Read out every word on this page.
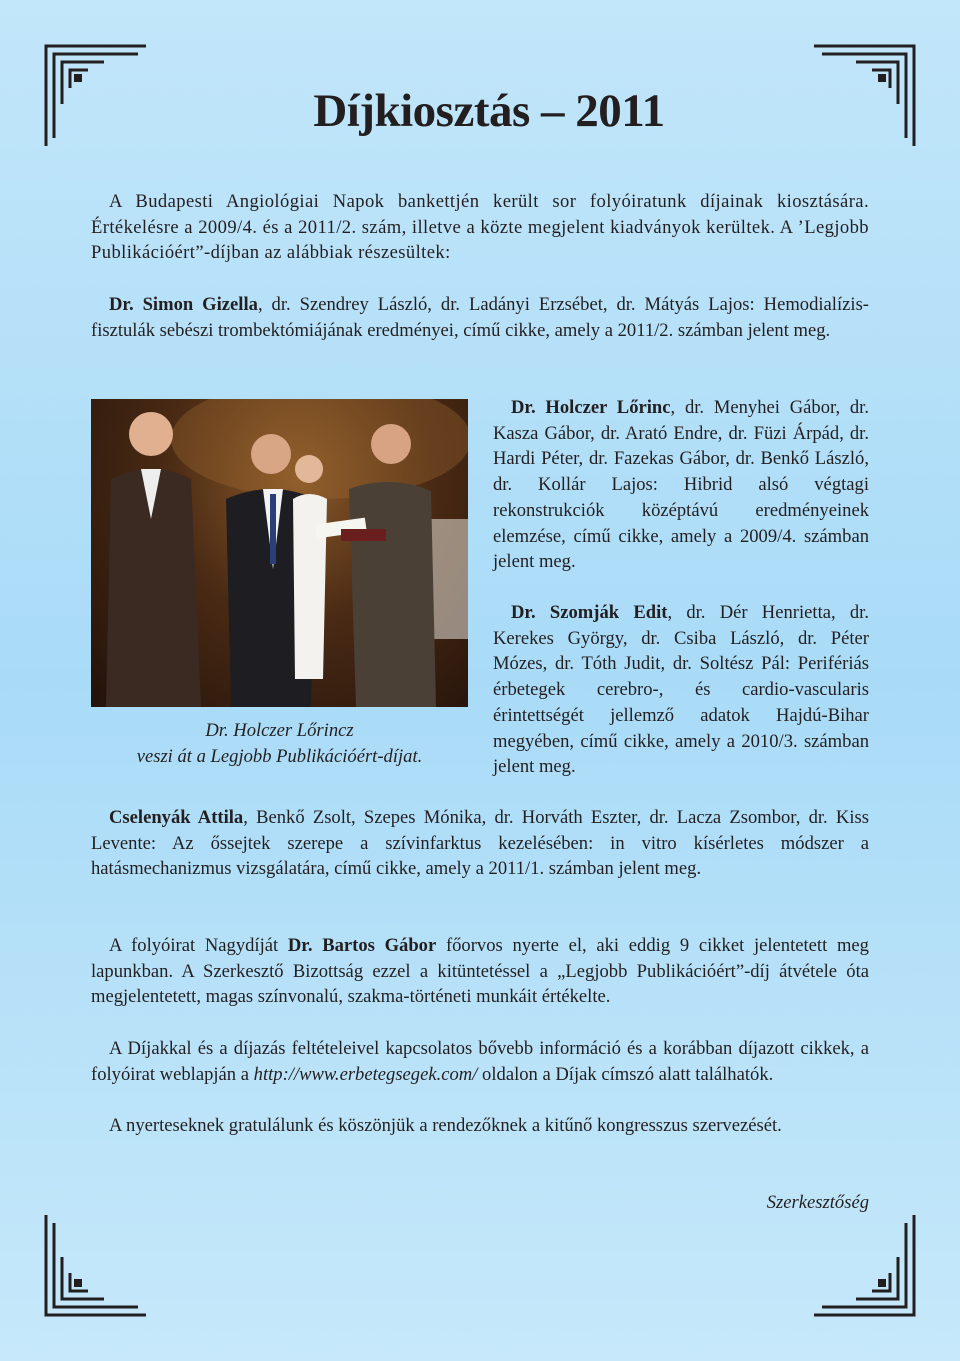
Díjkiosztás – 2011

A Budapesti Angiológiai Napok bankettjén került sor folyóiratunk díjainak kiosztására. Értékelésre a 2009/4. és a 2011/2. szám, illetve a közte megjelent kiadványok kerültek. A ’Legjobb Publikációért”-díjban az alábbiak részesültek:

Dr. Simon Gizella, dr. Szendrey László, dr. Ladányi Erzsébet, dr. Mátyás Lajos: Hemodialízis-fisztulák sebészi trombektómiájának eredményei, című cikke, amely a 2011/2. számban jelent meg.

Dr. Holczer Lőrincz
veszi át a Legjobb Publikációért-díjat.

Dr. Holczer Lőrinc, dr. Menyhei Gábor, dr. Kasza Gábor, dr. Arató Endre, dr. Füzi Árpád, dr. Hardi Péter, dr. Fazekas Gábor, dr. Benkő László, dr. Kollár Lajos: Hibrid alsó végtagi rekonstrukciók középtávú eredményeinek elemzése, című cikke, amely a 2009/4. számban jelent meg.

Dr. Szomják Edit, dr. Dér Henrietta, dr. Kerekes György, dr. Csiba László, dr. Péter Mózes, dr. Tóth Judit, dr. Soltész Pál: Perifériás érbetegek cerebro-, és cardio-vascularis érintettségét jellemző adatok Hajdú-Bihar megyében, című cikke, amely a 2010/3. számban jelent meg.

Cselenyák Attila, Benkő Zsolt, Szepes Mónika, dr. Horváth Eszter, dr. Lacza Zsombor, dr. Kiss Levente: Az őssejtek szerepe a szívinfarktus kezelésében: in vitro kísérletes módszer a hatásmechanizmus vizsgálatára, című cikke, amely a 2011/1. számban jelent meg.

A folyóirat Nagydíját Dr. Bartos Gábor főorvos nyerte el, aki eddig 9 cikket jelentetett meg lapunkban. A Szerkesztő Bizottság ezzel a kitüntetéssel a „Legjobb Publikációért”-díj átvétele óta megjelentetett, magas színvonalú, szakma-történeti munkáit értékelte.

A Díjakkal és a díjazás feltételeivel kapcsolatos bővebb információ és a korábban díjazott cikkek, a folyóirat weblapján a http://www.erbetegsegek.com/ oldalon a Díjak címszó alatt találhatók.

A nyerteseknek gratulálunk és köszönjük a rendezőknek a kitűnő kongresszus szervezését.

Szerkesztőség
